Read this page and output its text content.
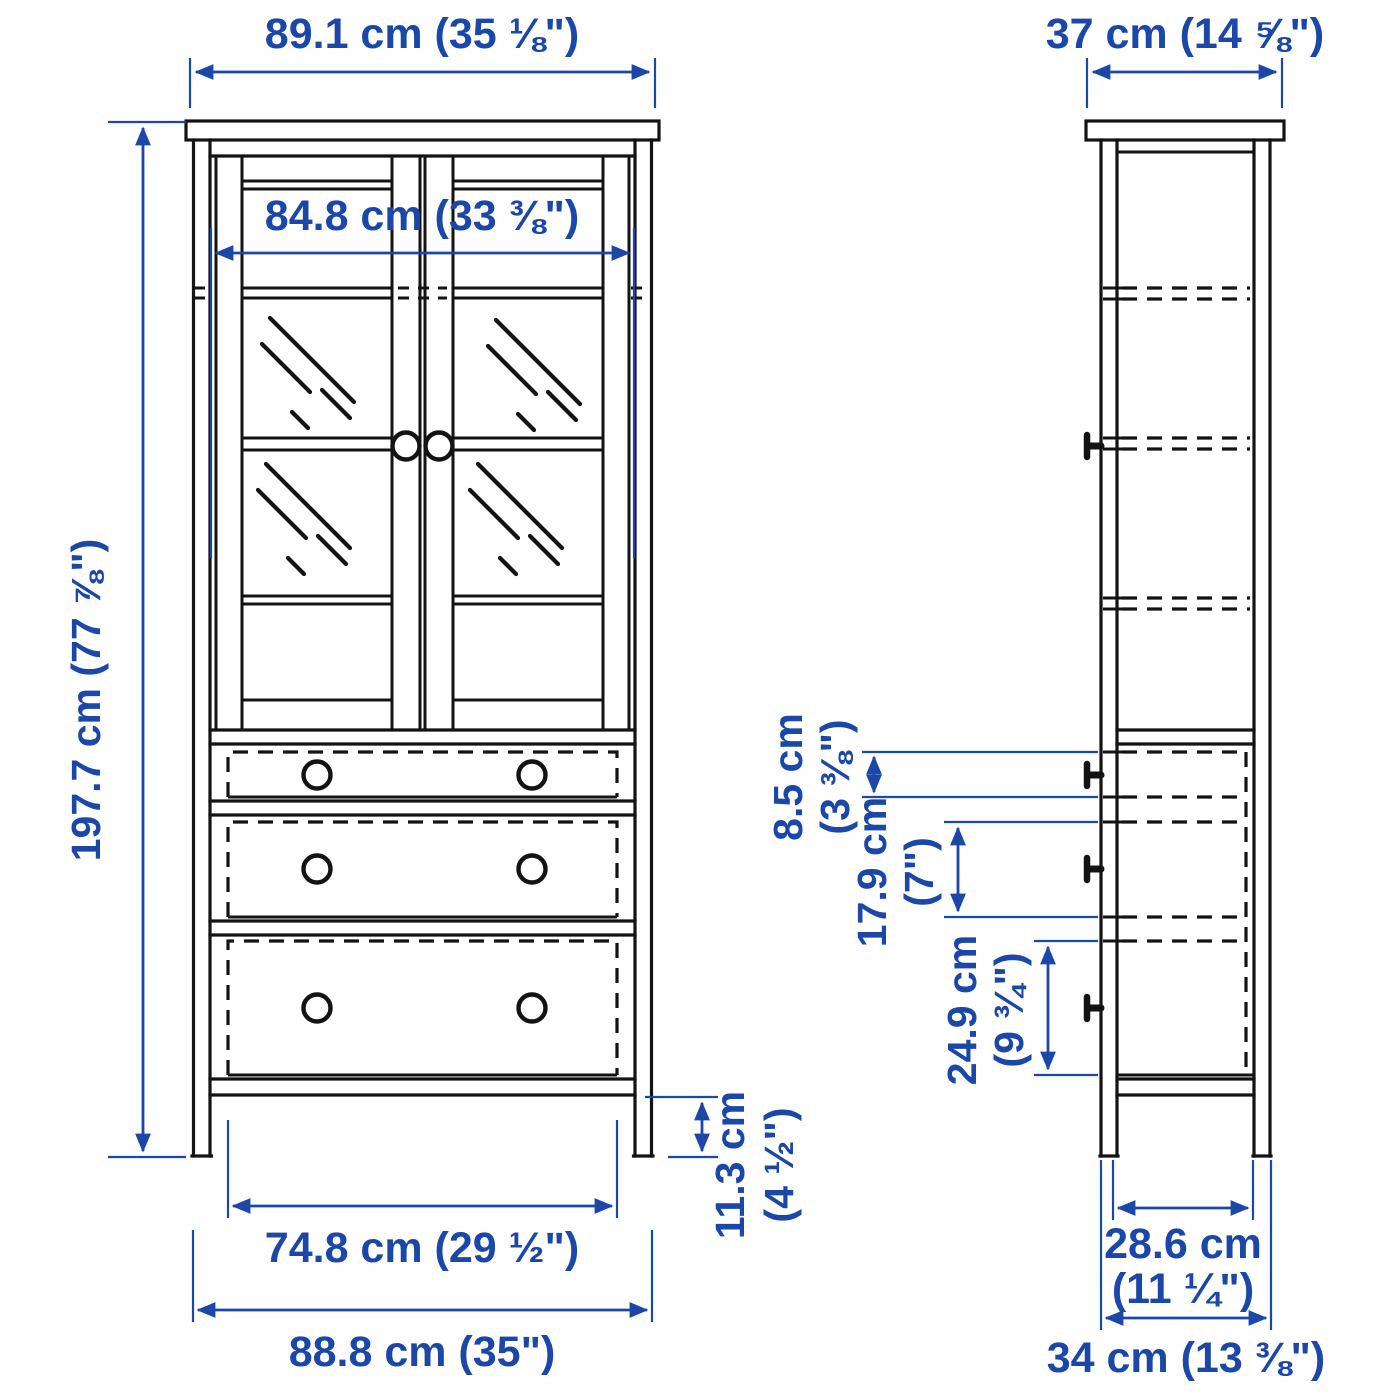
89.1 cm (35 ⅛")
84.8 cm (33 ⅜")
197.7 cm (77 ⅞")
11.3 cm (4 ½")
74.8 cm (29 ½")
88.8 cm (35")
37 cm (14 ⅝")
8.5 cm (3 ⅜")
17.9 cm (7")
24.9 cm (9 ¾")
28.6 cm
(11 ¼")
34 cm (13 ⅜")
